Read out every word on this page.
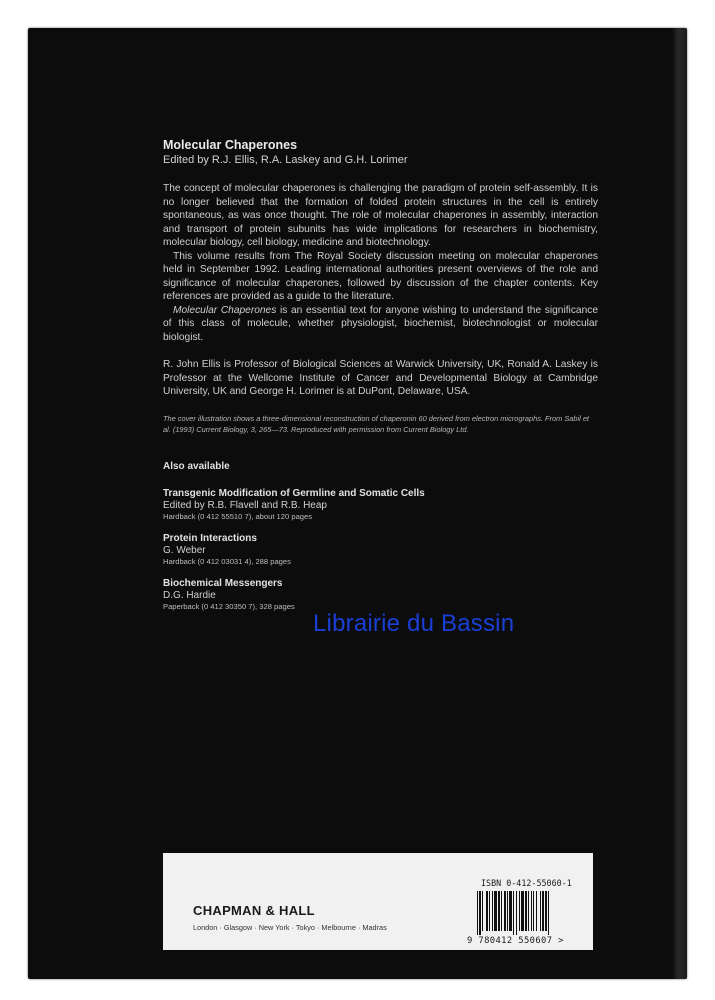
Molecular Chaperones

Edited by R.J. Ellis, R.A. Laskey and G.H. Lorimer

The concept of molecular chaperones is challenging the paradigm of protein self-assembly. It is no longer believed that the formation of folded protein structures in the cell is entirely spontaneous, as was once thought. The role of molecular chaperones in assembly, interaction and transport of protein subunits has wide implications for researchers in biochemistry, molecular biology, cell biology, medicine and biotechnology.

This volume results from The Royal Society discussion meeting on molecular chaperones held in September 1992. Leading international authorities present overviews of the role and significance of molecular chaperones, followed by discussion of the chapter contents. Key references are provided as a guide to the literature.

Molecular Chaperones is an essential text for anyone wishing to understand the significance of this class of molecule, whether physiologist, biochemist, biotechnologist or molecular biologist.

R. John Ellis is Professor of Biological Sciences at Warwick University, UK, Ronald A. Laskey is Professor at the Wellcome Institute of Cancer and Developmental Biology at Cambridge University, UK and George H. Lorimer is at DuPont, Delaware, USA.

The cover illustration shows a three-dimensional reconstruction of chaperonin 60 derived from electron micrographs. From Sabil et al. (1993) Current Biology, 3, 265—73. Reproduced with permission from Current Biology Ltd.

Also available
Transgenic Modification of Germline and Somatic Cells
Edited by R.B. Flavell and R.B. Heap
Hardback (0 412 55510 7), about 120 pages
Protein Interactions
G. Weber
Hardback (0 412 03031 4), 288 pages
Biochemical Messengers
D.G. Hardie
Paperback (0 412 30350 7), 328 pages
CHAPMAN & HALL
London · Glasgow · New York · Tokyo · Melbourne · Madras
ISBN 0-412-55060-1
9 780412 550607 >
Librairie du Bassin
